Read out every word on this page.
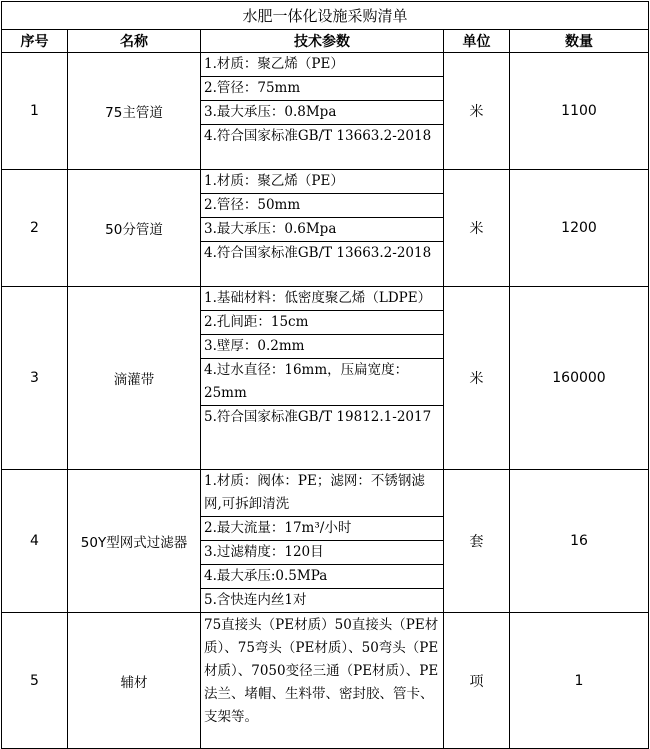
水肥一体化设施采购清单				
序号	名称	技术参数	单位	数量
1	75主管道	1.材质：聚乙烯（PE）
2.管径：75mm
3.最大承压：0.8Mpa
4.符合国家标准GB/T 13663.2-2018	米	1100
2	50分管道	1.材质：聚乙烯（PE）
2.管径：50mm
3.最大承压：0.6Mpa
4.符合国家标准GB/T 13663.2-2018	米	1200
3	滴灌带	1.基础材料：低密度聚乙烯（LDPE）
2.孔间距：15cm
3.壁厚：0.2mm
4.过水直径：16mm，压扁宽度：25mm
5.符合国家标准GB/T 19812.1-2017	米	160000
4	50Y型网式过滤器	1.材质：阀体：PE；滤网：不锈钢滤网,可拆卸清洗
2.最大流量：17m³/小时
3.过滤精度：120目
4.最大承压:0.5MPa
5.含快连内丝1对	套	16
5	辅材	75直接头（PE材质）50直接头（PE材质）、75弯头（PE材质）、50弯头（PE材质）、7050变径三通（PE材质）、PE法兰、堵帽、生料带、密封胶、管卡、支架等。	项	1
